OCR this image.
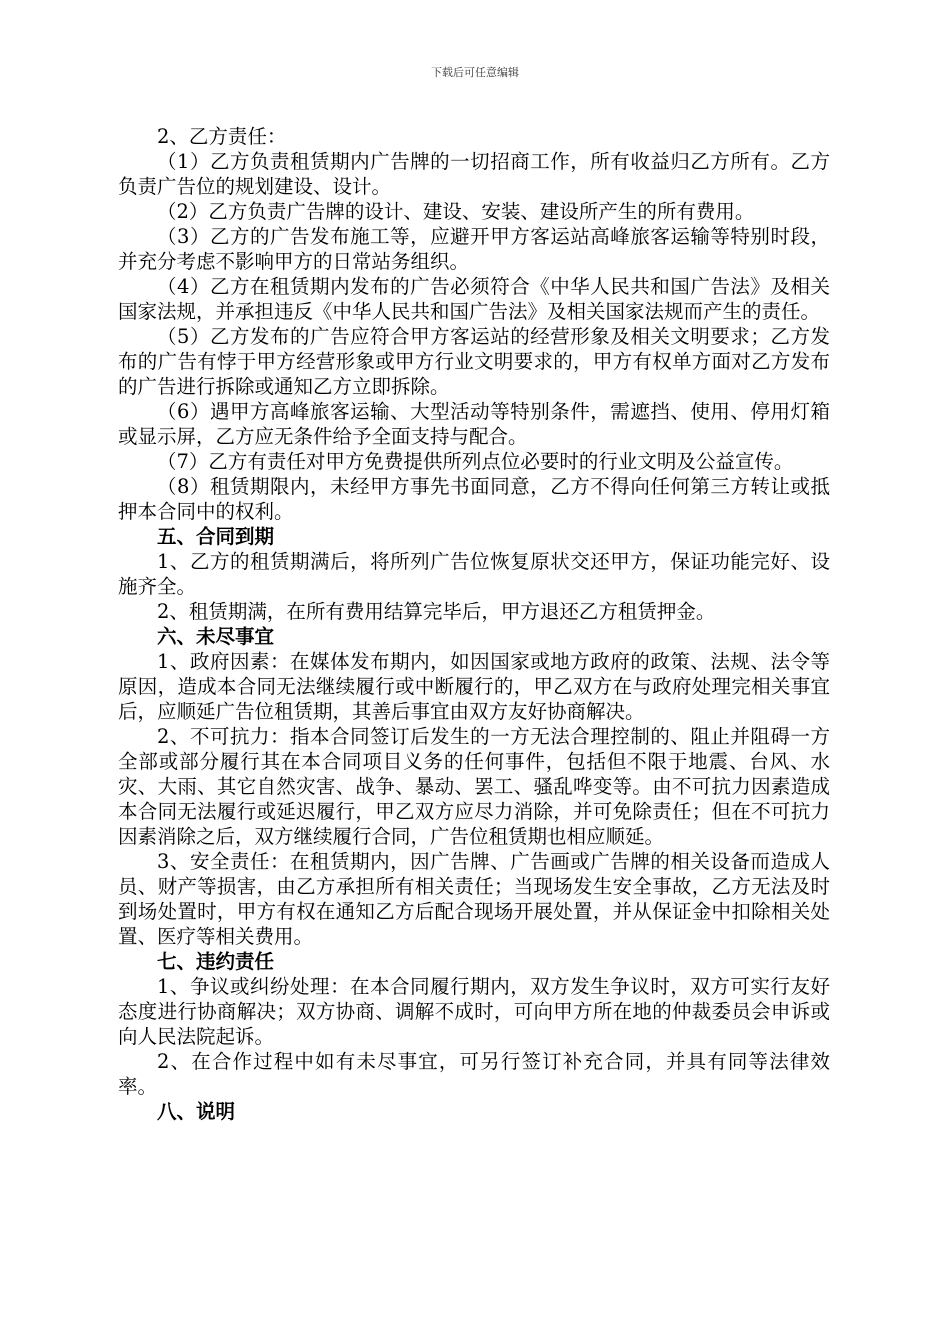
下载后可任意编辑

2、乙方责任：

（1）乙方负责租赁期内广告牌的一切招商工作，所有收益归乙方所有。乙方负责广告位的规划建设、设计。

（2）乙方负责广告牌的设计、建设、安装、建设所产生的所有费用。

（3）乙方的广告发布施工等，应避开甲方客运站高峰旅客运输等特别时段，并充分考虑不影响甲方的日常站务组织。

（4）乙方在租赁期内发布的广告必须符合《中华人民共和国广告法》及相关国家法规，并承担违反《中华人民共和国广告法》及相关国家法规而产生的责任。

（5）乙方发布的广告应符合甲方客运站的经营形象及相关文明要求；乙方发布的广告有悖于甲方经营形象或甲方行业文明要求的，甲方有权单方面对乙方发布的广告进行拆除或通知乙方立即拆除。

（6）遇甲方高峰旅客运输、大型活动等特别条件，需遮挡、使用、停用灯箱或显示屏，乙方应无条件给予全面支持与配合。

（7）乙方有责任对甲方免费提供所列点位必要时的行业文明及公益宣传。

（8）租赁期限内，未经甲方事先书面同意，乙方不得向任何第三方转让或抵押本合同中的权利。

五、合同到期

1、乙方的租赁期满后，将所列广告位恢复原状交还甲方，保证功能完好、设施齐全。

2、租赁期满，在所有费用结算完毕后，甲方退还乙方租赁押金。

六、未尽事宜

1、政府因素：在媒体发布期内，如因国家或地方政府的政策、法规、法令等原因，造成本合同无法继续履行或中断履行的，甲乙双方在与政府处理完相关事宜后，应顺延广告位租赁期，其善后事宜由双方友好协商解决。

2、不可抗力：指本合同签订后发生的一方无法合理控制的、阻止并阻碍一方全部或部分履行其在本合同项目义务的任何事件，包括但不限于地震、台风、水灾、大雨、其它自然灾害、战争、暴动、罢工、骚乱哗变等。由不可抗力因素造成本合同无法履行或延迟履行，甲乙双方应尽力消除，并可免除责任；但在不可抗力因素消除之后，双方继续履行合同，广告位租赁期也相应顺延。

3、安全责任：在租赁期内，因广告牌、广告画或广告牌的相关设备而造成人员、财产等损害，由乙方承担所有相关责任；当现场发生安全事故，乙方无法及时到场处置时，甲方有权在通知乙方后配合现场开展处置，并从保证金中扣除相关处置、医疗等相关费用。

七、违约责任

1、争议或纠纷处理：在本合同履行期内，双方发生争议时，双方可实行友好态度进行协商解决；双方协商、调解不成时，可向甲方所在地的仲裁委员会申诉或向人民法院起诉。

2、在合作过程中如有未尽事宜，可另行签订补充合同，并具有同等法律效率。

八、说明
